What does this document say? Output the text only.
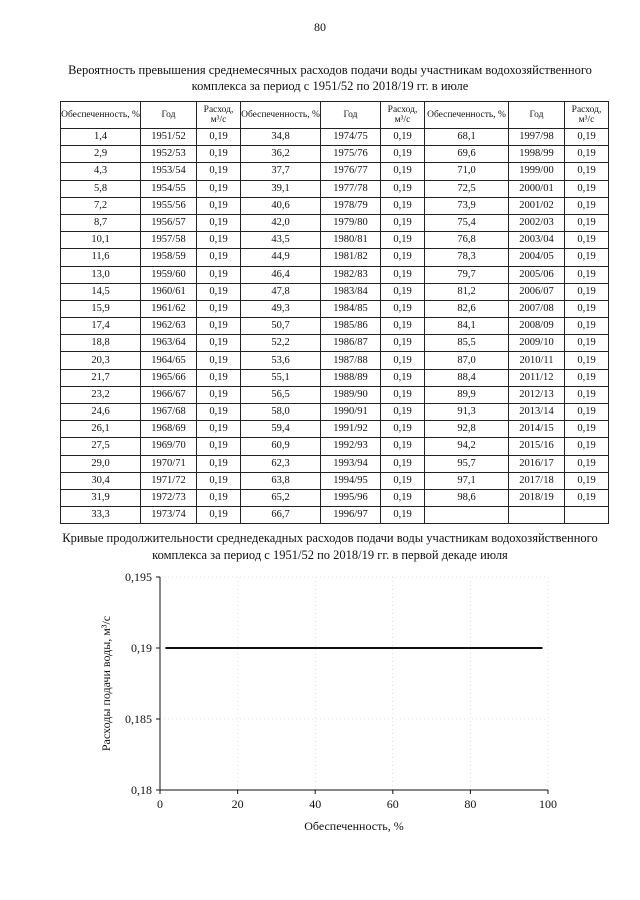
80
Вероятность превышения среднемесячных расходов подачи воды участникам водохозяйственного комплекса за период с 1951/52 по 2018/19 гг. в июле
Обеспеченность, %	Год	Расход, м³/с	Обеспеченность, %	Год	Расход, м³/с	Обеспеченность, %	Год	Расход, м³/с
1,4	1951/52	0,19	34,8	1974/75	0,19	68,1	1997/98	0,19
2,9	1952/53	0,19	36,2	1975/76	0,19	69,6	1998/99	0,19
4,3	1953/54	0,19	37,7	1976/77	0,19	71,0	1999/00	0,19
5,8	1954/55	0,19	39,1	1977/78	0,19	72,5	2000/01	0,19
7,2	1955/56	0,19	40,6	1978/79	0,19	73,9	2001/02	0,19
8,7	1956/57	0,19	42,0	1979/80	0,19	75,4	2002/03	0,19
10,1	1957/58	0,19	43,5	1980/81	0,19	76,8	2003/04	0,19
11,6	1958/59	0,19	44,9	1981/82	0,19	78,3	2004/05	0,19
13,0	1959/60	0,19	46,4	1982/83	0,19	79,7	2005/06	0,19
14,5	1960/61	0,19	47,8	1983/84	0,19	81,2	2006/07	0,19
15,9	1961/62	0,19	49,3	1984/85	0,19	82,6	2007/08	0,19
17,4	1962/63	0,19	50,7	1985/86	0,19	84,1	2008/09	0,19
18,8	1963/64	0,19	52,2	1986/87	0,19	85,5	2009/10	0,19
20,3	1964/65	0,19	53,6	1987/88	0,19	87,0	2010/11	0,19
21,7	1965/66	0,19	55,1	1988/89	0,19	88,4	2011/12	0,19
23,2	1966/67	0,19	56,5	1989/90	0,19	89,9	2012/13	0,19
24,6	1967/68	0,19	58,0	1990/91	0,19	91,3	2013/14	0,19
26,1	1968/69	0,19	59,4	1991/92	0,19	92,8	2014/15	0,19
27,5	1969/70	0,19	60,9	1992/93	0,19	94,2	2015/16	0,19
29,0	1970/71	0,19	62,3	1993/94	0,19	95,7	2016/17	0,19
30,4	1971/72	0,19	63,8	1994/95	0,19	97,1	2017/18	0,19
31,9	1972/73	0,19	65,2	1995/96	0,19	98,6	2018/19	0,19
33,3	1973/74	0,19	66,7	1996/97	0,19			
Кривые продолжительности среднедекадных расходов подачи воды участникам водохозяйственного комплекса за период с 1951/52 по 2018/19 гг. в первой декаде июля
0,18
0,185
0,19
0,195
0	20	40	60	80	100
Обеспеченность, %
Расходы подачи воды, м³/с
